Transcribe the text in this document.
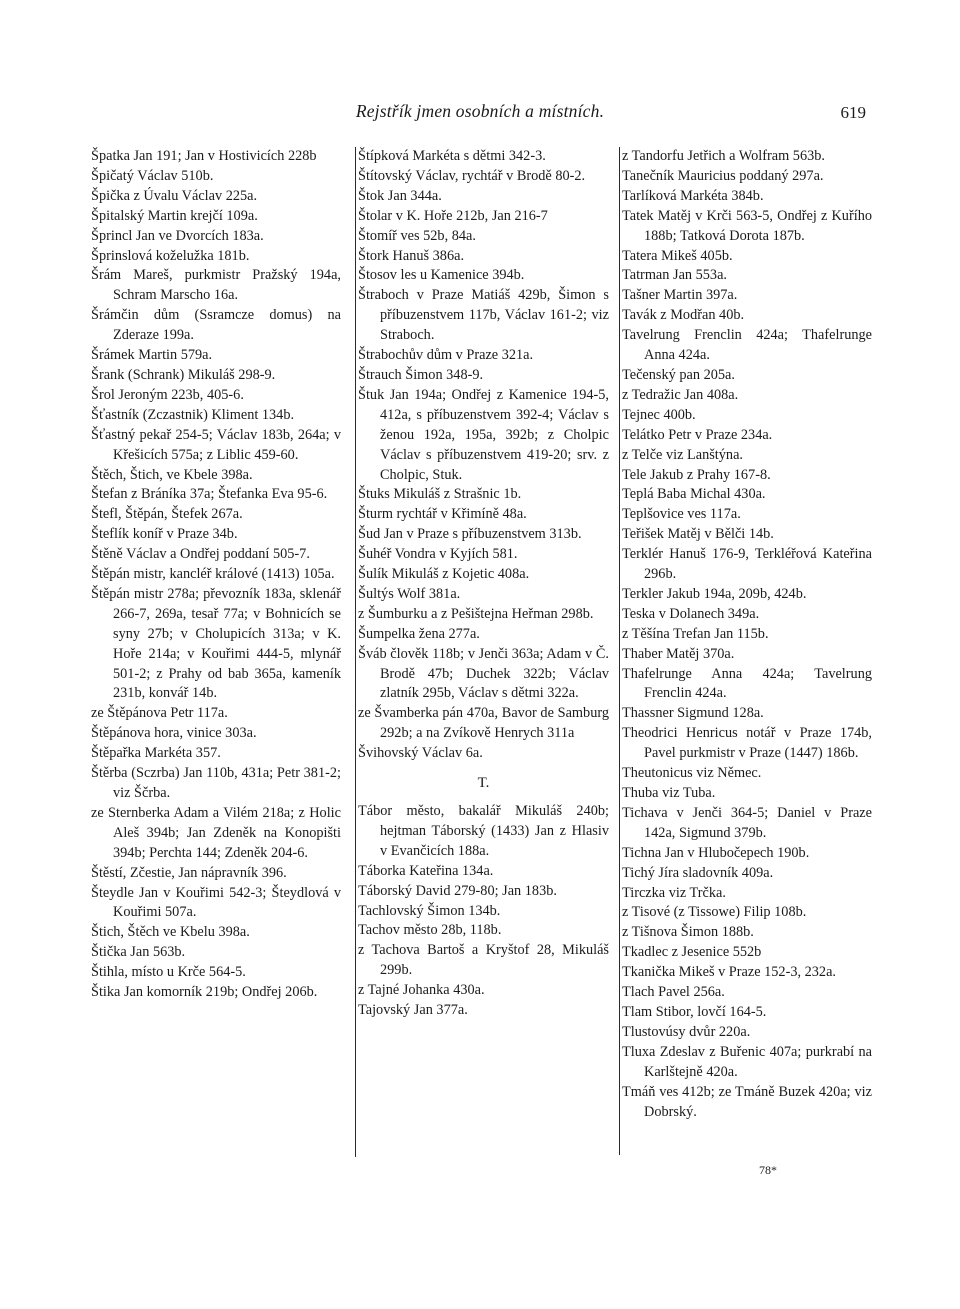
Rejstřík jmen osobních a místních.	619

Špatka Jan 191; Jan v Hostivicích 228b

Špičatý Václav 510b.

Špička z Úvalu Václav 225a.

Špitalský Martin krejčí 109a.

Šprincl Jan ve Dvorcích 183a.

Šprinslová koželužka 181b.

Šrám Mareš, purkmistr Pražský 194a, Schram Marscho 16a.

Šrámčin dům (Ssramcze domus) na Zderaze 199a.

Šrámek Martin 579a.

Šrank (Schrank) Mikuláš 298-9.

Šrol Jeroným 223b, 405-6.

Šťastník (Zczastnik) Kliment 134b.

Šťastný pekař 254-5; Václav 183b, 264a; v Křešicích 575a; z Liblic 459-60.

Štěch, Štich, ve Kbele 398a.

Štefan z Bráníka 37a; Štefanka Eva 95-6.

Štefl, Štěpán, Štefek 267a.

Šteflík koníř v Praze 34b.

Štěně Václav a Ondřej poddaní 505-7.

Štěpán mistr, kancléř králové (1413) 105a.

Štěpán mistr 278a; převozník 183a, sklenář 266-7, 269a, tesař 77a; v Bohnicích se syny 27b; v Cholupicích 313a; v K. Hoře 214a; v Kouřimi 444-5, mlynář 501-2; z Prahy od bab 365a, kameník 231b, konvář 14b.

ze Štěpánova Petr 117a.

Štěpánova hora, vinice 303a.

Štěpařka Markéta 357.

Štěrba (Sczrba) Jan 110b, 431a; Petr 381-2; viz Ščrba.

ze Sternberka Adam a Vilém 218a; z Holic Aleš 394b; Jan Zdeněk na Konopišti 394b; Perchta 144; Zdeněk 204-6.

Štěstí, Zčestie, Jan nápravník 396.

Šteydle Jan v Kouřimi 542-3; Šteydlová v Kouřimi 507a.

Štich, Štěch ve Kbelu 398a.

Štička Jan 563b.

Štihla, místo u Krče 564-5.

Štika Jan komorník 219b; Ondřej 206b.

Štípková Markéta s dětmi 342-3.

Štítovský Václav, rychtář v Brodě 80-2.

Štok Jan 344a.

Štolar v K. Hoře 212b, Jan 216-7

Štomíř ves 52b, 84a.

Štork Hanuš 386a.

Štosov les u Kamenice 394b.

Štraboch v Praze Matiáš 429b, Šimon s příbuzenstvem 117b, Václav 161-2; viz Straboch.

Štrabochův dům v Praze 321a.

Štrauch Šimon 348-9.

Štuk Jan 194a; Ondřej z Kamenice 194-5, 412a, s příbuzenstvem 392-4; Václav s ženou 192a, 195a, 392b; z Cholpic Václav s příbuzenstvem 419-20; srv. z Cholpic, Stuk.

Štuks Mikuláš z Strašnic 1b.

Šturm rychtář v Křimíně 48a.

Šud Jan v Praze s příbuzenstvem 313b.

Šuhéř Vondra v Kyjích 581.

Šulík Mikuláš z Kojetic 408a.

Šultýs Wolf 381a.

z Šumburku a z Pešištejna Heřman 298b.

Šumpelka žena 277a.

Šváb člověk 118b; v Jenči 363a; Adam v Č. Brodě 47b; Duchek 322b; Václav zlatník 295b, Václav s dětmi 322a.

ze Švamberka pán 470a, Bavor de Samburg 292b; a na Zvíkově Henrych 311a

Švihovský Václav 6a.

T.

Tábor město, bakalář Mikuláš 240b; hejtman Táborský (1433) Jan z Hlasiv v Evančicích 188a.

Táborka Kateřina 134a.

Táborský David 279-80; Jan 183b.

Tachlovský Šimon 134b.

Tachov město 28b, 118b.

z Tachova Bartoš a Kryštof 28, Mikuláš 299b.

z Tajné Johanka 430a.

Tajovský Jan 377a.

z Tandorfu Jetřich a Wolfram 563b.

Tanečník Mauricius poddaný 297a.

Tarlíková Markéta 384b.

Tatek Matěj v Krči 563-5, Ondřej z Kuřího 188b; Tatková Dorota 187b.

Tatera Mikeš 405b.

Tatrman Jan 553a.

Tašner Martin 397a.

Tavák z Modřan 40b.

Tavelrung Frenclin 424a; Thafelrunge Anna 424a.

Tečenský pan 205a.

z Tedražic Jan 408a.

Tejnec 400b.

Telátko Petr v Praze 234a.

z Telče viz Lanštýna.

Tele Jakub z Prahy 167-8.

Teplá Baba Michal 430a.

Teplšovice ves 117a.

Teřišek Matěj v Bělči 14b.

Terklér Hanuš 176-9, Terkléřová Kateřina 296b.

Terkler Jakub 194a, 209b, 424b.

Teska v Dolanech 349a.

z Těšína Trefan Jan 115b.

Thaber Matěj 370a.

Thafelrunge Anna 424a; Tavelrung Frenclin 424a.

Thassner Sigmund 128a.

Theodrici Henricus notář v Praze 174b, Pavel purkmistr v Praze (1447) 186b.

Theutonicus viz Němec.

Thuba viz Tuba.

Tichava v Jenči 364-5; Daniel v Praze 142a, Sigmund 379b.

Tichna Jan v Hlubočepech 190b.

Tichý Jíra sladovník 409a.

Tirczka viz Trčka.

z Tisové (z Tissowe) Filip 108b.

z Tišnova Šimon 188b.

Tkadlec z Jesenice 552b

Tkanička Mikeš v Praze 152-3, 232a.

Tlach Pavel 256a.

Tlam Stibor, lovčí 164-5.

Tlustovúsy dvůr 220a.

Tluxa Zdeslav z Buřenic 407a; purkrabí na Karlštejně 420a.

Tmáň ves 412b; ze Tmáně Buzek 420a; viz Dobrský.

78*
